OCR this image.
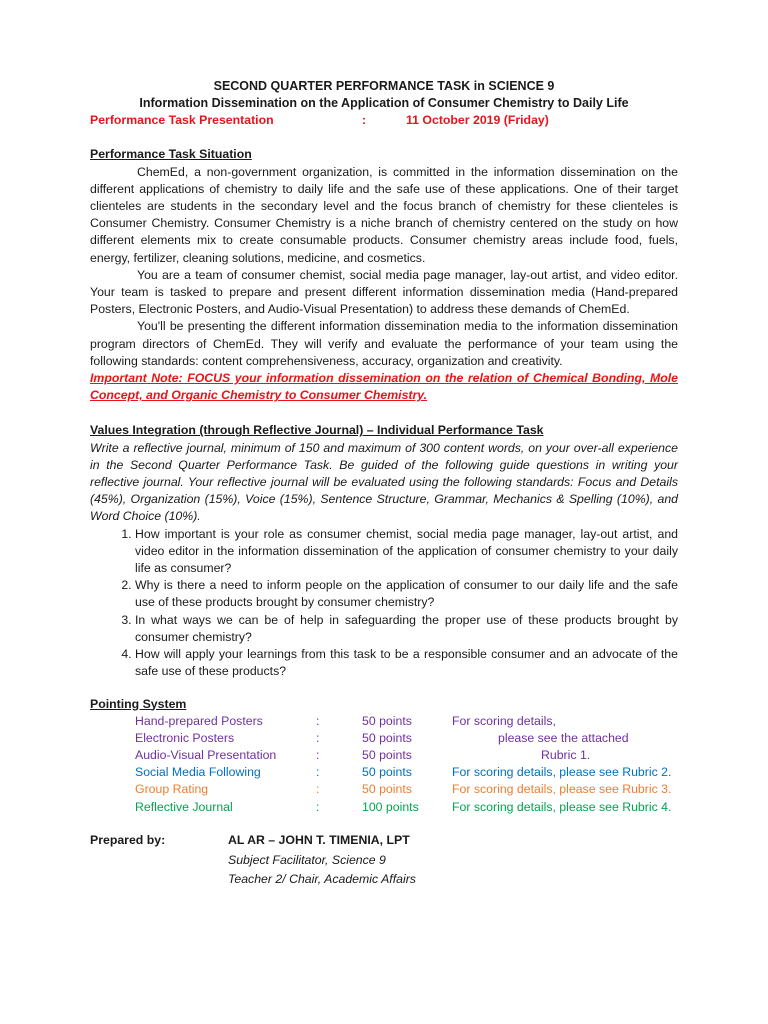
SECOND QUARTER PERFORMANCE TASK in SCIENCE 9
Information Dissemination on the Application of Consumer Chemistry to Daily Life
Performance Task Presentation	:	11 October 2019 (Friday)
Performance Task Situation

ChemEd, a non-government organization, is committed in the information dissemination on the different applications of chemistry to daily life and the safe use of these applications. One of their target clienteles are students in the secondary level and the focus branch of chemistry for these clienteles is Consumer Chemistry. Consumer Chemistry is a niche branch of chemistry centered on the study on how different elements mix to create consumable products. Consumer chemistry areas include food, fuels, energy, fertilizer, cleaning solutions, medicine, and cosmetics.

You are a team of consumer chemist, social media page manager, lay-out artist, and video editor. Your team is tasked to prepare and present different information dissemination media (Hand-prepared Posters, Electronic Posters, and Audio-Visual Presentation) to address these demands of ChemEd.

You'll be presenting the different information dissemination media to the information dissemination program directors of ChemEd. They will verify and evaluate the performance of your team using the following standards: content comprehensiveness, accuracy, organization and creativity.

Important Note: FOCUS your information dissemination on the relation of Chemical Bonding, Mole Concept, and Organic Chemistry to Consumer Chemistry.
Values Integration (through Reflective Journal) – Individual Performance Task
Write a reflective journal, minimum of 150 and maximum of 300 content words, on your over-all experience in the Second Quarter Performance Task. Be guided of the following guide questions in writing your reflective journal. Your reflective journal will be evaluated using the following standards: Focus and Details (45%), Organization (15%), Voice (15%), Sentence Structure, Grammar, Mechanics & Spelling (10%), and Word Choice (10%).
1. How important is your role as consumer chemist, social media page manager, lay-out artist, and video editor in the information dissemination of the application of consumer chemistry to your daily life as consumer?
2. Why is there a need to inform people on the application of consumer to our daily life and the safe use of these products brought by consumer chemistry?
3. In what ways we can be of help in safeguarding the proper use of these products brought by consumer chemistry?
4. How will apply your learnings from this task to be a responsible consumer and an advocate of the safe use of these products?
Pointing System
Hand-prepared Posters	:	50 points	For scoring details,
Electronic Posters	:	50 points	please see the attached
Audio-Visual Presentation	:	50 points	Rubric 1.
Social Media Following	:	50 points	For scoring details, please see Rubric 2.
Group Rating	:	50 points	For scoring details, please see Rubric 3.
Reflective Journal	:	100 points	For scoring details, please see Rubric 4.
Prepared by:	AL AR – JOHN T. TIMENIA, LPT
Subject Facilitator, Science 9
Teacher 2/ Chair, Academic Affairs
